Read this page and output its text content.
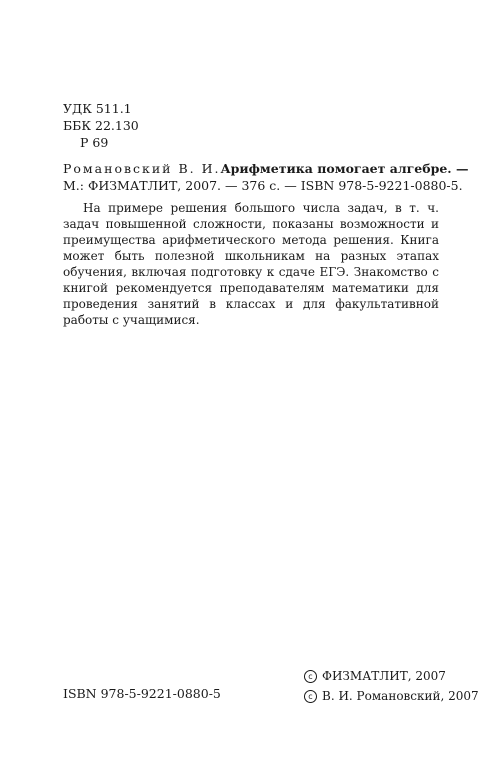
УДК 511.1
ББК 22.130
Р 69
Романовский В. И. Арифметика помогает алгебре. —
М.: ФИЗМАТЛИТ, 2007. — 376 с. — ISBN 978-5-9221-0880-5.
На примере решения большого числа задач, в т. ч. задач повышенной сложности, показаны возможности и преимущества арифметического метода решения. Книга может быть полезной школьникам на разных этапах обучения, включая подготовку к сдаче ЕГЭ. Знакомство с книгой рекомендуется преподавателям математики для проведения занятий в классах и для факультативной работы с учащимися.
ISBN 978-5-9221-0880-5
c ФИЗМАТЛИТ, 2007
c В. И. Романовский, 2007
